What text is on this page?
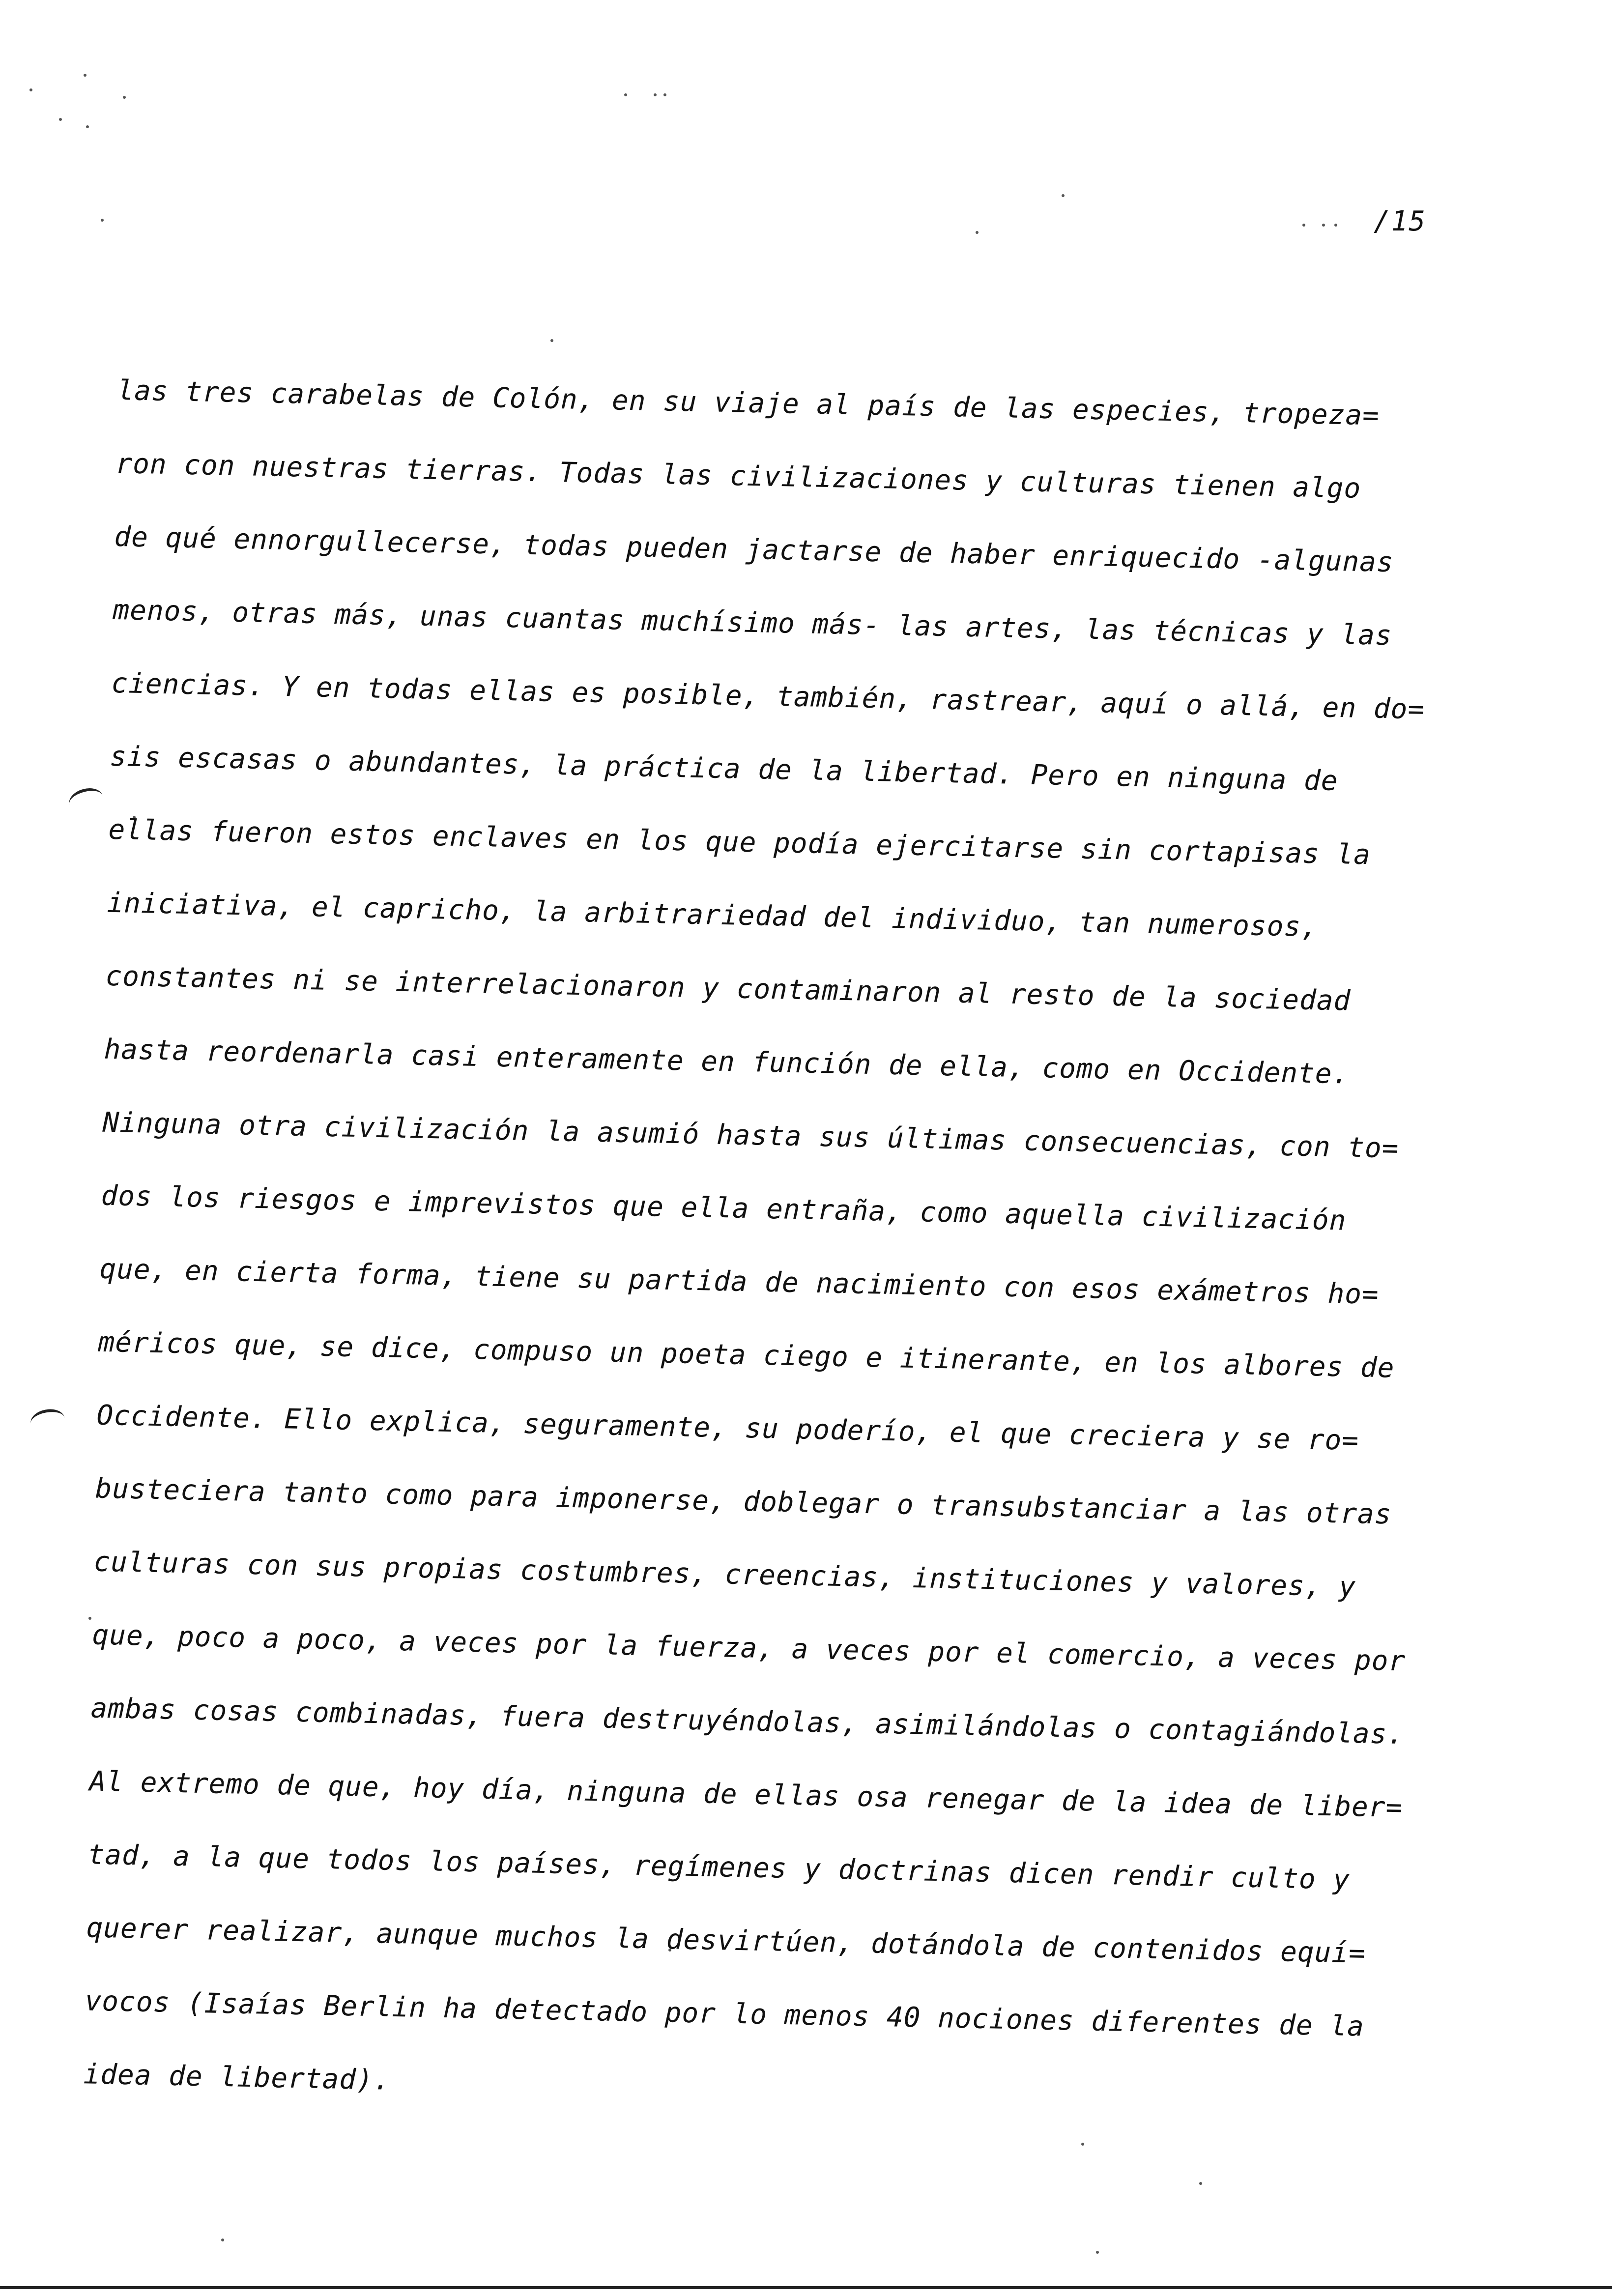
/15
las tres carabelas de Colón, en su viaje al país de las especies, tropeza=
ron con nuestras tierras. Todas las civilizaciones y culturas tienen algo
de qué ennorgullecerse, todas pueden jactarse de haber enriquecido -algunas
menos, otras más, unas cuantas muchísimo más- las artes, las técnicas y las
ciencias. Y en todas ellas es posible, también, rastrear, aquí o allá, en do=
sis escasas o abundantes, la práctica de la libertad. Pero en ninguna de
ellas fueron estos enclaves en los que podía ejercitarse sin cortapisas la
iniciativa, el capricho, la arbitrariedad del individuo, tan numerosos,
constantes ni se interrelacionaron y contaminaron al resto de la sociedad
hasta reordenarla casi enteramente en función de ella, como en Occidente.
Ninguna otra civilización la asumió hasta sus últimas consecuencias, con to=
dos los riesgos e imprevistos que ella entraña, como aquella civilización
que, en cierta forma, tiene su partida de nacimiento con esos exámetros ho=
méricos que, se dice, compuso un poeta ciego e itinerante, en los albores de
Occidente. Ello explica, seguramente, su poderío, el que creciera y se ro=
busteciera tanto como para imponerse, doblegar o transubstanciar a las otras
culturas con sus propias costumbres, creencias, instituciones y valores, y
que, poco a poco, a veces por la fuerza, a veces por el comercio, a veces por
ambas cosas combinadas, fuera destruyéndolas, asimilándolas o contagiándolas.
Al extremo de que, hoy día, ninguna de ellas osa renegar de la idea de liber=
tad, a la que todos los países, regímenes y doctrinas dicen rendir culto y
querer realizar, aunque muchos la desvirtúen, dotándola de contenidos equí=
vocos (Isaías Berlin ha detectado por lo menos 40 nociones diferentes de la
idea de libertad).
